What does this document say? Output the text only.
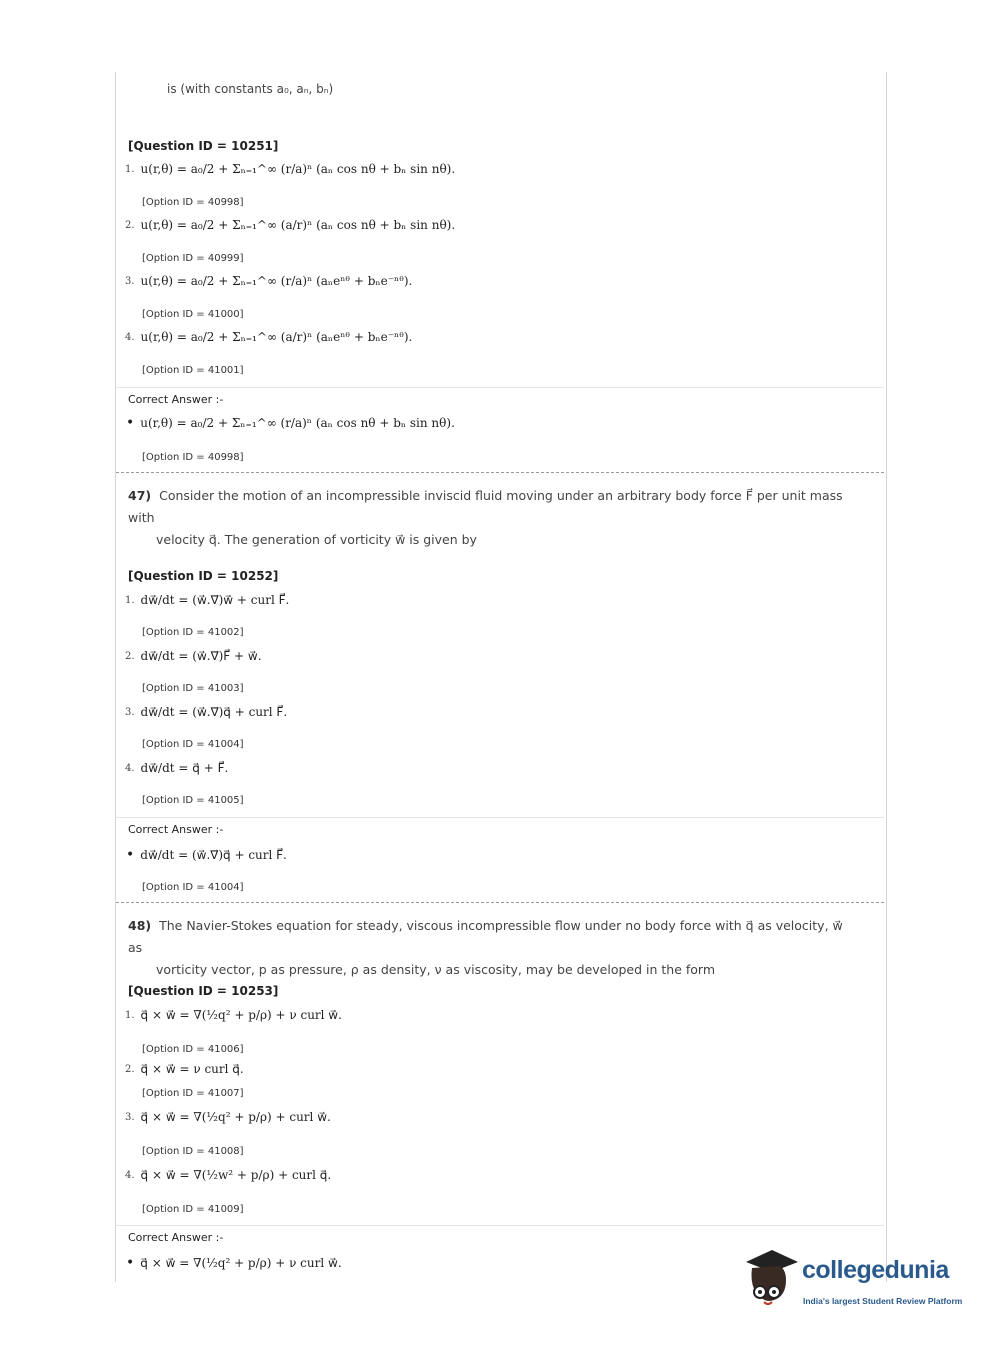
is (with constants a₀, aₙ, bₙ)
[Question ID = 10251]
1. u(r,θ) = a₀/2 + Σₙ₌₁^∞ (r/a)ⁿ (aₙ cos nθ + bₙ sin nθ).
[Option ID = 40998]
2. u(r,θ) = a₀/2 + Σₙ₌₁^∞ (a/r)ⁿ (aₙ cos nθ + bₙ sin nθ).
[Option ID = 40999]
3. u(r,θ) = a₀/2 + Σₙ₌₁^∞ (r/a)ⁿ (aₙeⁿᶿ + bₙe⁻ⁿᶿ).
[Option ID = 41000]
4. u(r,θ) = a₀/2 + Σₙ₌₁^∞ (a/r)ⁿ (aₙeⁿᶿ + bₙe⁻ⁿᶿ).
[Option ID = 41001]
Correct Answer :-
• u(r,θ) = a₀/2 + Σₙ₌₁^∞ (r/a)ⁿ (aₙ cos nθ + bₙ sin nθ).
[Option ID = 40998]
47) Consider the motion of an incompressible inviscid fluid moving under an arbitrary body force F⃗ per unit mass with
velocity q⃗. The generation of vorticity w⃗ is given by
[Question ID = 10252]
1. dw⃗/dt = (w⃗.∇⃗)w⃗ + curl F⃗.
[Option ID = 41002]
2. dw⃗/dt = (w⃗.∇⃗)F⃗ + w⃗.
[Option ID = 41003]
3. dw⃗/dt = (w⃗.∇⃗)q⃗ + curl F⃗.
[Option ID = 41004]
4. dw⃗/dt = q⃗ + F⃗.
[Option ID = 41005]
Correct Answer :-
• dw⃗/dt = (w⃗.∇⃗)q⃗ + curl F⃗.
[Option ID = 41004]
48) The Navier-Stokes equation for steady, viscous incompressible flow under no body force with q⃗ as velocity, w⃗ as
vorticity vector, p as pressure, ρ as density, ν as viscosity, may be developed in the form
[Question ID = 10253]
1. q⃗ × w⃗ = ∇(½q² + p/ρ) + ν curl w⃗.
[Option ID = 41006]
2. q⃗ × w⃗ = ν curl q⃗.
[Option ID = 41007]
3. q⃗ × w⃗ = ∇(½q² + p/ρ) + curl w⃗.
[Option ID = 41008]
4. q⃗ × w⃗ = ∇(½w² + p/ρ) + curl q⃗.
[Option ID = 41009]
Correct Answer :-
• q⃗ × w⃗ = ∇(½q² + p/ρ) + ν curl w⃗.	collegedunia
India's largest Student Review Platform
